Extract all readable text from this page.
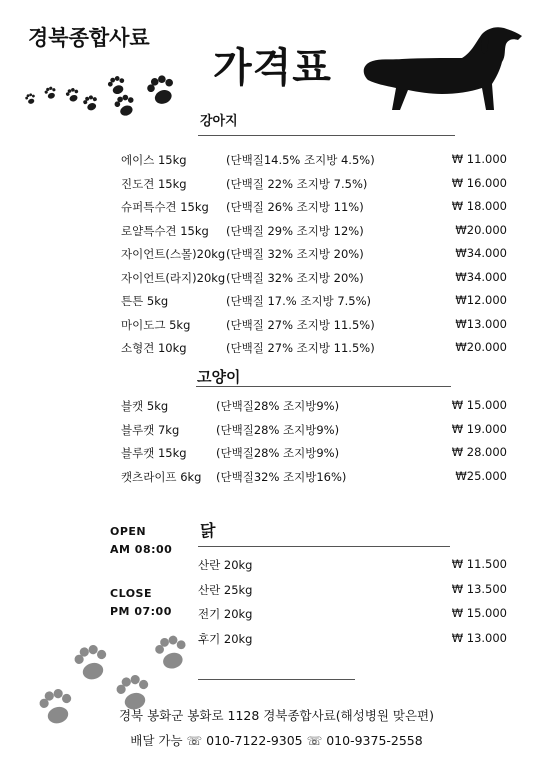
경북종합사료
가격표
강아지
에이스 15kg	(단백질14.5% 조지방 4.5%)	₩ 11.000
진도견 15kg	(단백질 22% 조지방 7.5%)	₩ 16.000
슈퍼특수견 15kg (단백질 26% 조지방 11%)	₩ 18.000
로얄특수견 15kg (단백질 29% 조지방 12%)	₩20.000
자이언트(스몰)20kg (단백질 32% 조지방 20%)	₩34.000
자이언트(라지)20kg (단백질 32% 조지방 20%)	₩34.000
튼튼 5kg	(단백질 17.% 조지방 7.5%)	₩12.000
마이도그 5kg	(단백질 27% 조지방 11.5%)	₩13.000
소형견 10kg	(단백질 27% 조지방 11.5%)	₩20.000
고양이
블캣 5kg	(단백질28% 조지방9%)	₩ 15.000
블루캣 7kg	(단백질28% 조지방9%)	₩ 19.000
블루캣 15kg	(단백질28% 조지방9%)	₩ 28.000
캣츠라이프 6kg (단백질32% 조지방16%)	₩25.000
OPEN
AM 08:00
CLOSE
PM 07:00
닭
산란 20kg	₩ 11.500
산란 25kg	₩ 13.500
전기 20kg	₩ 15.000
후기 20kg	₩ 13.000
경북 봉화군 봉화로 1128 경북종합사료(해성병원 맞은편)
배달 가능 ☏ 010-7122-9305 ☏ 010-9375-2558
